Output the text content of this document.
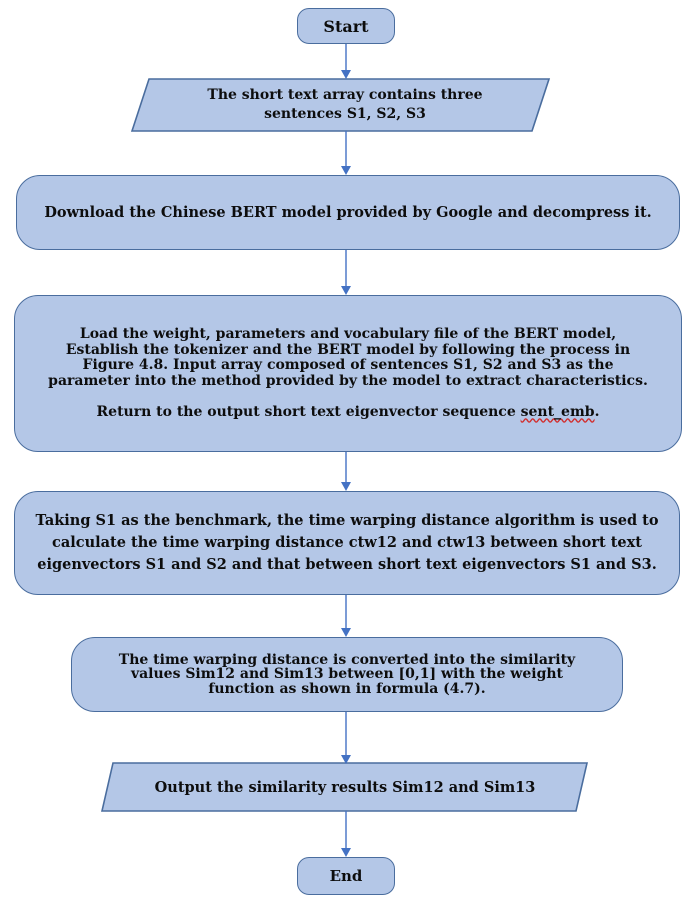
Start
The short text array contains three
sentences S1, S2, S3
Download the Chinese BERT model provided by Google and decompress it.

Load the weight, parameters and vocabulary file of the BERT model,
Establish the tokenizer and the BERT model by following the process in
Figure 4.8. Input array composed of sentences S1, S2 and S3 as the
parameter into the method provided by the model to extract characteristics.

Return to the output short text eigenvector sequence sent_emb.

Taking S1 as the benchmark, the time warping distance algorithm is used to
calculate the time warping distance ctw12 and ctw13 between short text
eigenvectors S1 and S2 and that between short text eigenvectors S1 and S3.
The time warping distance is converted into the similarity
values Sim12 and Sim13 between [0,1] with the weight
function as shown in formula (4.7).
Output the similarity results Sim12 and Sim13
End
